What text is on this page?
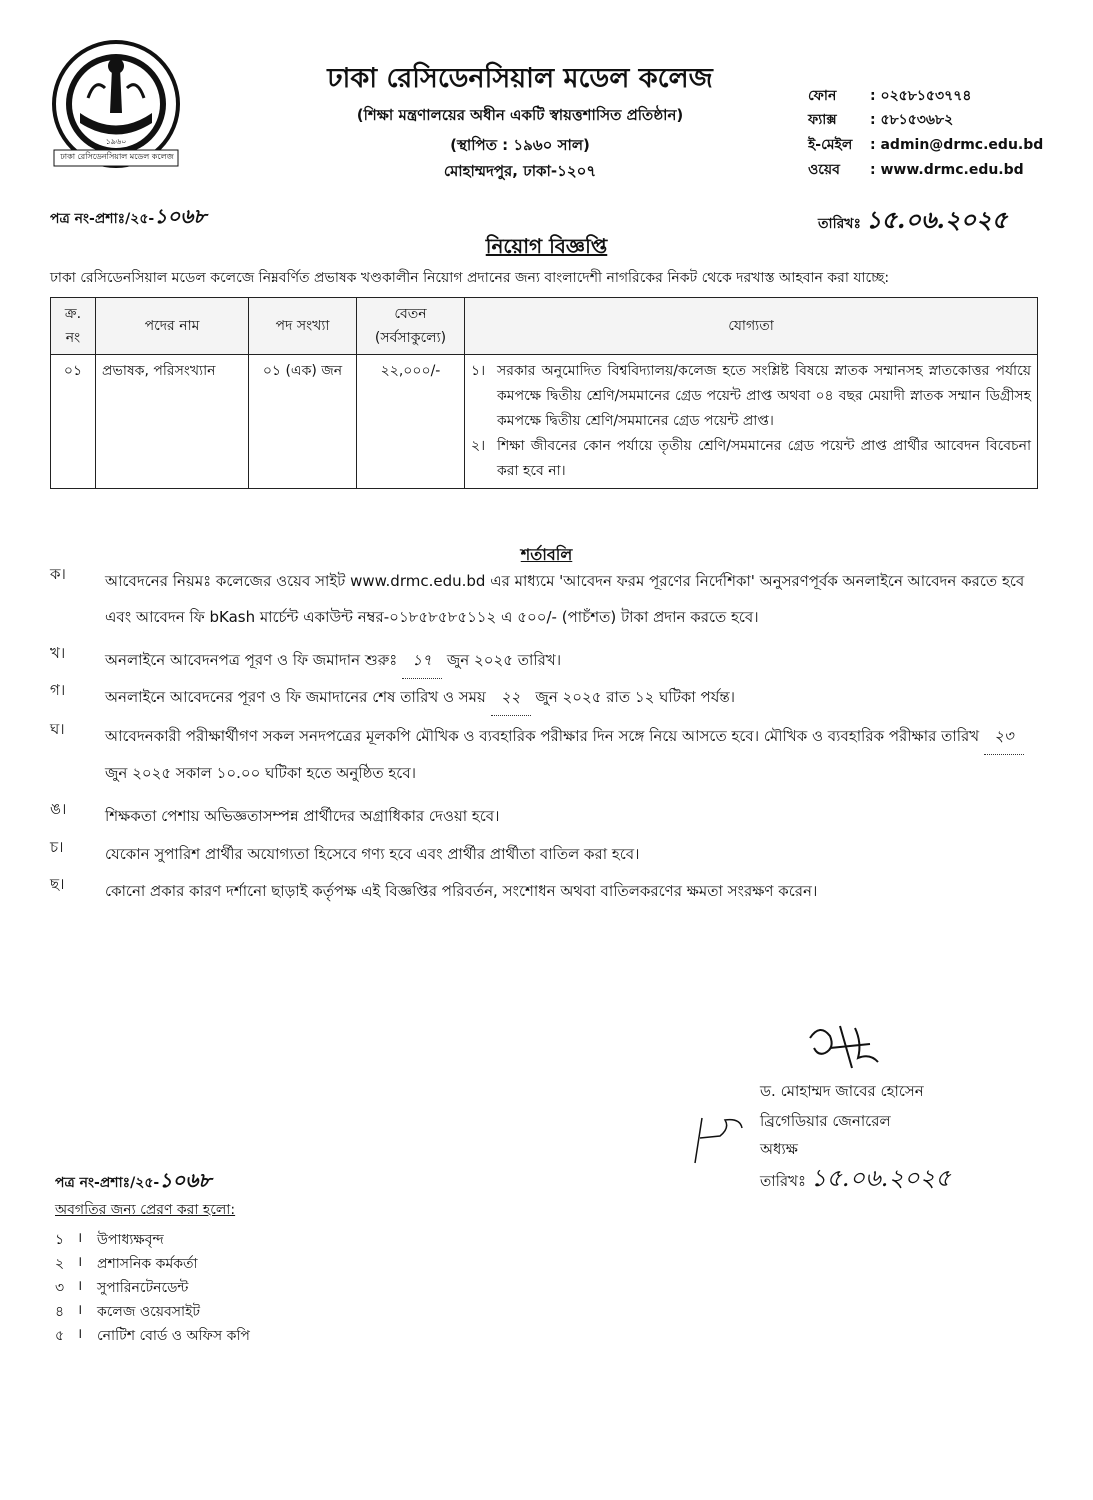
ঢাকা রেসিডেনসিয়াল মডেল কলেজ
১৯৬০
ঢাকা রেসিডেনসিয়াল মডেল কলেজ
(শিক্ষা মন্ত্রণালয়ের অধীন একটি স্বায়ত্তশাসিত প্রতিষ্ঠান)
(স্থাপিত : ১৯৬০ সাল)
মোহাম্মদপুর, ঢাকা-১২০৭
ফোন : ০২৫৮১৫৩৭৭৪
ফ্যাক্স : ৫৮১৫৩৬৮২
ই-মেইল : admin@drmc.edu.bd
ওয়েব : www.drmc.edu.bd
পত্র নং-প্রশাঃ/২৫-১০৬৮	তারিখঃ ১৫.০৬.২০২৫
নিয়োগ বিজ্ঞপ্তি
ঢাকা রেসিডেনসিয়াল মডেল কলেজে নিম্নবর্ণিত প্রভাষক খণ্ডকালীন নিয়োগ প্রদানের জন্য বাংলাদেশী নাগরিকের নিকট থেকে দরখাস্ত আহবান করা যাচ্ছে:
ক্র. নং	পদের নাম	পদ সংখ্যা	বেতন (সর্বসাকুল্যে)	যোগ্যতা
০১	প্রভাষক, পরিসংখ্যান	০১ (এক) জন	২২,০০০/-	১। সরকার অনুমোদিত বিশ্ববিদ্যালয়/কলেজ হতে সংশ্লিষ্ট বিষয়ে স্নাতক সম্মানসহ স্নাতকোত্তর পর্যায়ে কমপক্ষে দ্বিতীয় শ্রেণি/সমমানের গ্রেড পয়েন্ট প্রাপ্ত অথবা ০৪ বছর মেয়াদী স্নাতক সম্মান ডিগ্রীসহ কমপক্ষে দ্বিতীয় শ্রেণি/সমমানের গ্রেড পয়েন্ট প্রাপ্ত।
২। শিক্ষা জীবনের কোন পর্যায়ে তৃতীয় শ্রেণি/সমমানের গ্রেড পয়েন্ট প্রাপ্ত প্রার্থীর আবেদন বিবেচনা করা হবে না।
শর্তাবলি
ক।	আবেদনের নিয়মঃ কলেজের ওয়েব সাইট www.drmc.edu.bd এর মাধ্যমে 'আবেদন ফরম পূরণের নির্দেশিকা' অনুসরণপূর্বক অনলাইনে আবেদন করতে হবে এবং আবেদন ফি bKash মার্চেন্ট একাউন্ট নম্বর-০১৮৫৮৫৮৫১১২ এ ৫০০/- (পাচঁশত) টাকা প্রদান করতে হবে।
খ।	অনলাইনে আবেদনপত্র পূরণ ও ফি জমাদান শুরুঃ ১৭ জুন ২০২৫ তারিখ।
গ।	অনলাইনে আবেদনের পূরণ ও ফি জমাদানের শেষ তারিখ ও সময় ২২ জুন ২০২৫ রাত ১২ ঘটিকা পর্যন্ত।
ঘ।	আবেদনকারী পরীক্ষার্থীগণ সকল সনদপত্রের মূলকপি মৌখিক ও ব্যবহারিক পরীক্ষার দিন সঙ্গে নিয়ে আসতে হবে। মৌখিক ও ব্যবহারিক পরীক্ষার তারিখ ২৩ জুন ২০২৫ সকাল ১০.০০ ঘটিকা হতে অনুষ্ঠিত হবে।
ঙ।	শিক্ষকতা পেশায় অভিজ্ঞতাসম্পন্ন প্রার্থীদের অগ্রাধিকার দেওয়া হবে।
চ।	যেকোন সুপারিশ প্রার্থীর অযোগ্যতা হিসেবে গণ্য হবে এবং প্রার্থীর প্রার্থীতা বাতিল করা হবে।
ছ।	কোনো প্রকার কারণ দর্শানো ছাড়াই কর্তৃপক্ষ এই বিজ্ঞপ্তির পরিবর্তন, সংশোধন অথবা বাতিলকরণের ক্ষমতা সংরক্ষণ করেন।
ড. মোহাম্মদ জাবের হোসেন
ব্রিগেডিয়ার জেনারেল
অধ্যক্ষ
তারিখঃ ১৫.০৬.২০২৫
পত্র নং-প্রশাঃ/২৫-১০৬৮
অবগতির জন্য প্রেরণ করা হলো:
১ ।	উপাধ্যক্ষবৃন্দ
২ ।	প্রশাসনিক কর্মকর্তা
৩ ।	সুপারিনটেনডেন্ট
৪ ।	কলেজ ওয়েবসাইট
৫ ।	নোটিশ বোর্ড ও অফিস কপি
